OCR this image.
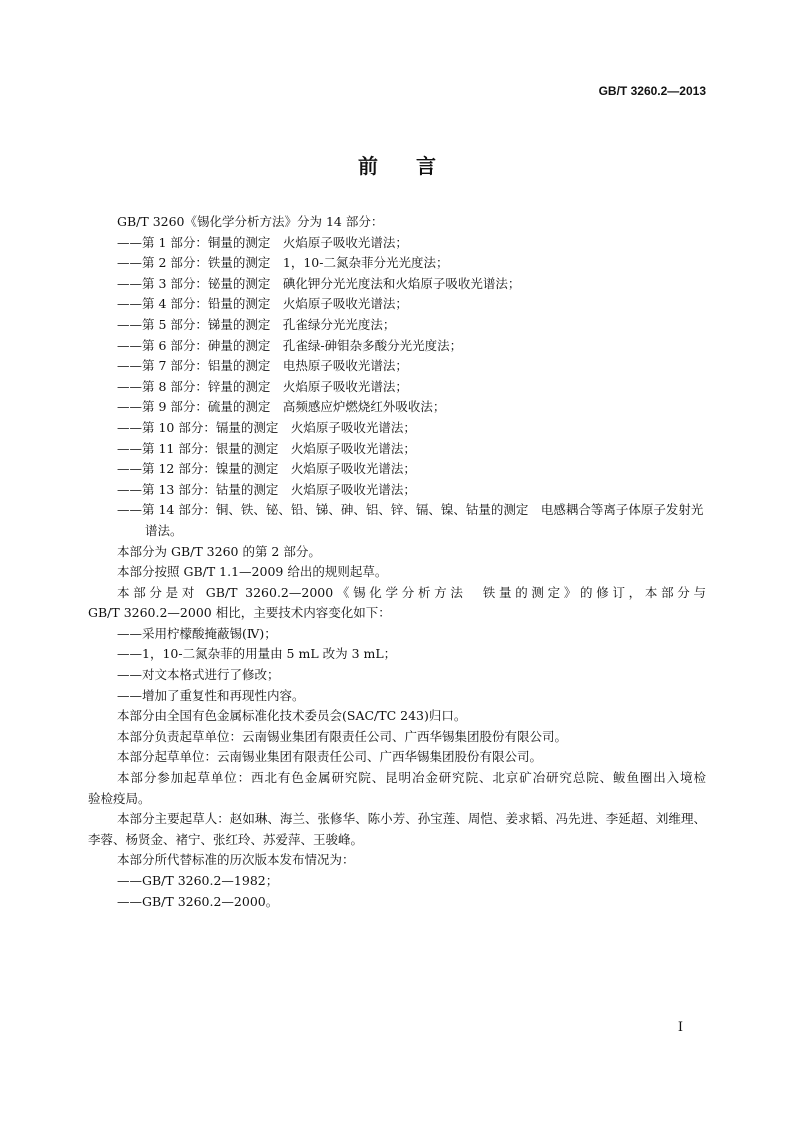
GB/T 3260.2—2013
前言
GB/T 3260《锡化学分析方法》分为 14 部分：
——第 1 部分：铜量的测定　火焰原子吸收光谱法；
——第 2 部分：铁量的测定　1，10-二氮杂菲分光光度法；
——第 3 部分：铋量的测定　碘化钾分光光度法和火焰原子吸收光谱法；
——第 4 部分：铅量的测定　火焰原子吸收光谱法；
——第 5 部分：锑量的测定　孔雀绿分光光度法；
——第 6 部分：砷量的测定　孔雀绿-砷钼杂多酸分光光度法；
——第 7 部分：铝量的测定　电热原子吸收光谱法；
——第 8 部分：锌量的测定　火焰原子吸收光谱法；
——第 9 部分：硫量的测定　高频感应炉燃烧红外吸收法；
——第 10 部分：镉量的测定　火焰原子吸收光谱法；
——第 11 部分：银量的测定　火焰原子吸收光谱法；
——第 12 部分：镍量的测定　火焰原子吸收光谱法；
——第 13 部分：钴量的测定　火焰原子吸收光谱法；
——第 14 部分：铜、铁、铋、铅、锑、砷、铝、锌、镉、镍、钴量的测定　电感耦合等离子体原子发射光
谱法。
本部分为 GB/T 3260 的第 2 部分。
本部分按照 GB/T 1.1—2009 给出的规则起草。
本部分是对 GB/T 3260.2—2000《锡化学分析方法　铁量的测定》的修订，本部分与
GB/T 3260.2—2000 相比，主要技术内容变化如下：
——采用柠檬酸掩蔽锡(Ⅳ)；
——1，10-二氮杂菲的用量由 5 mL 改为 3 mL；
——对文本格式进行了修改；
——增加了重复性和再现性内容。
本部分由全国有色金属标准化技术委员会(SAC/TC 243)归口。
本部分负责起草单位：云南锡业集团有限责任公司、广西华锡集团股份有限公司。
本部分起草单位：云南锡业集团有限责任公司、广西华锡集团股份有限公司。
本部分参加起草单位：西北有色金属研究院、昆明冶金研究院、北京矿冶研究总院、鲅鱼圈出入境检
验检疫局。
本部分主要起草人：赵如琳、海兰、张修华、陈小芳、孙宝莲、周恺、姜求韬、冯先进、李延超、刘维理、
李蓉、杨贤金、褚宁、张红玲、苏爱萍、王骏峰。
本部分所代替标准的历次版本发布情况为：
——GB/T 3260.2—1982；
——GB/T 3260.2—2000。
I
